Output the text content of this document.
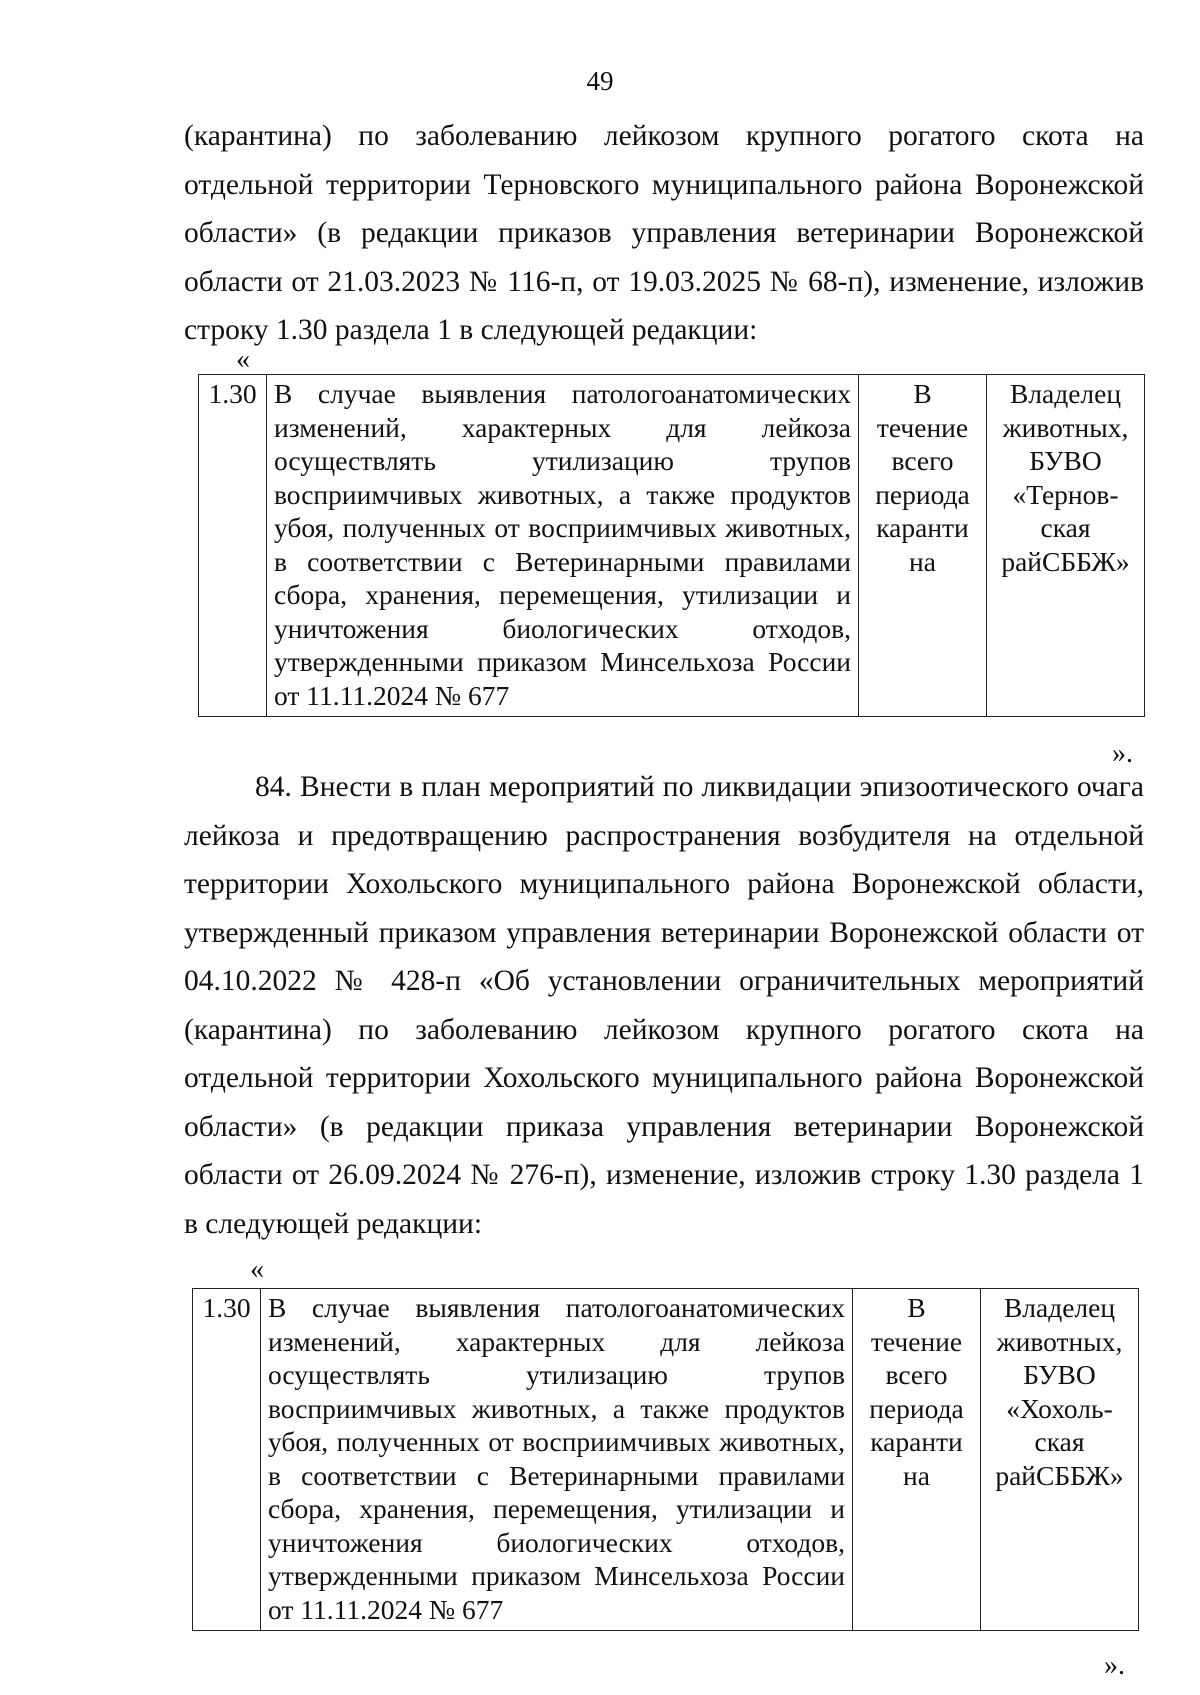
49

(карантина) по заболеванию лейкозом крупного рогатого скота на отдельной территории Терновского муниципального района Воронежской области» (в редакции приказов управления ветеринарии Воронежской области от 21.03.2023 № 116-п, от 19.03.2025 № 68-п), изменение, изложив строку 1.30 раздела 1 в следующей редакции:

«
1.30	В случае выявления патологоанатомических изменений, характерных для лейкоза осуществлять утилизацию трупов восприимчивых животных, а также продуктов убоя, полученных от восприимчивых животных, в соответствии с Ветеринарными правилами сбора, хранения, перемещения, утилизации и уничтожения биологических отходов, утвержденными приказом Минсельхоза России от 11.11.2024 № 677	В течение всего периода каранти на	Владелец животных, БУВО «Тернов-ская райСББЖ»
».

84. Внести в план мероприятий по ликвидации эпизоотического очага лейкоза и предотвращению распространения возбудителя на отдельной территории Хохольского муниципального района Воронежской области, утвержденный приказом управления ветеринарии Воронежской области от 04.10.2022 № 428-п «Об установлении ограничительных мероприятий (карантина) по заболеванию лейкозом крупного рогатого скота на отдельной территории Хохольского муниципального района Воронежской области» (в редакции приказа управления ветеринарии Воронежской области от 26.09.2024 № 276-п), изменение, изложив строку 1.30 раздела 1 в следующей редакции:

«
1.30	В случае выявления патологоанатомических изменений, характерных для лейкоза осуществлять утилизацию трупов восприимчивых животных, а также продуктов убоя, полученных от восприимчивых животных, в соответствии с Ветеринарными правилами сбора, хранения, перемещения, утилизации и уничтожения биологических отходов, утвержденными приказом Минсельхоза России от 11.11.2024 № 677	В течение всего периода каранти на	Владелец животных, БУВО «Хохоль-ская райСББЖ»
».
